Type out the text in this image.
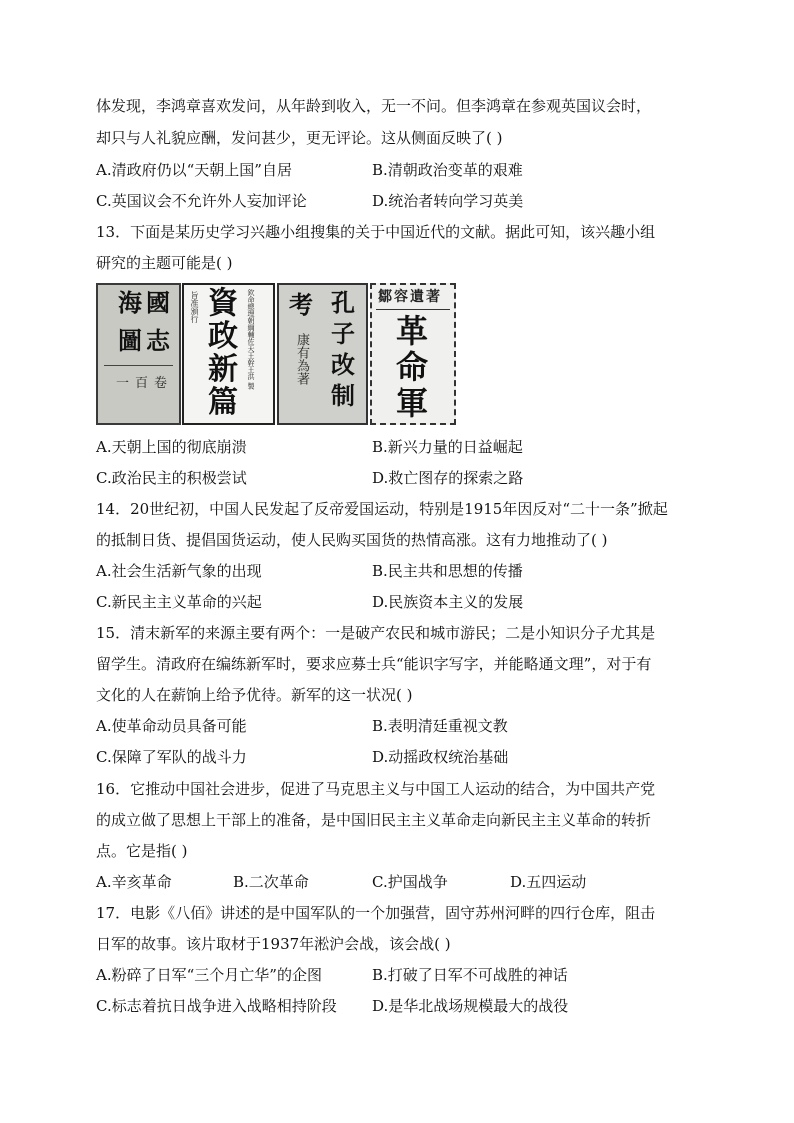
体发现，李鸿章喜欢发问，从年龄到收入，无一不问。但李鸿章在参观英国议会时，
却只与人礼貌应酬，发问甚少，更无评论。这从侧面反映了( )
A.清政府仍以“天朝上国”自居	B.清朝政治变革的艰难
C.英国议会不允许外人妄加评论	D.统治者转向学习英美
13．下面是某历史学习兴趣小组搜集的关于中国近代的文献。据此可知，该兴趣小组
研究的主题可能是( )
海 國
圖 志
一百卷
旨准頒行 資
政
新
篇
欽命總理朝綱輔佐天王幹王洪 製	孔
子
改
制
考
康有為著
鄒容遺著
革
命
軍
A.天朝上国的彻底崩溃	B.新兴力量的日益崛起
C.政治民主的积极尝试	D.救亡图存的探索之路
14．20世纪初，中国人民发起了反帝爱国运动，特别是1915年因反对“二十一条”掀起
的抵制日货、提倡国货运动，使人民购买国货的热情高涨。这有力地推动了( )
A.社会生活新气象的出现	B.民主共和思想的传播
C.新民主主义革命的兴起	D.民族资本主义的发展
15．清末新军的来源主要有两个：一是破产农民和城市游民；二是小知识分子尤其是
留学生。清政府在编练新军时，要求应募士兵“能识字写字，并能略通文理”，对于有
文化的人在薪饷上给予优待。新军的这一状况( )
A.使革命动员具备可能	B.表明清廷重视文教
C.保障了军队的战斗力	D.动摇政权统治基础
16．它推动中国社会进步，促进了马克思主义与中国工人运动的结合，为中国共产党
的成立做了思想上干部上的准备，是中国旧民主主义革命走向新民主主义革命的转折
点。它是指( )
A.辛亥革命	B.二次革命	C.护国战争	D.五四运动
17．电影《八佰》讲述的是中国军队的一个加强营，固守苏州河畔的四行仓库，阻击
日军的故事。该片取材于1937年淞沪会战，该会战( )
A.粉碎了日军“三个月亡华”的企图	B.打破了日军不可战胜的神话
C.标志着抗日战争进入战略相持阶段 D.是华北战场规模最大的战役
